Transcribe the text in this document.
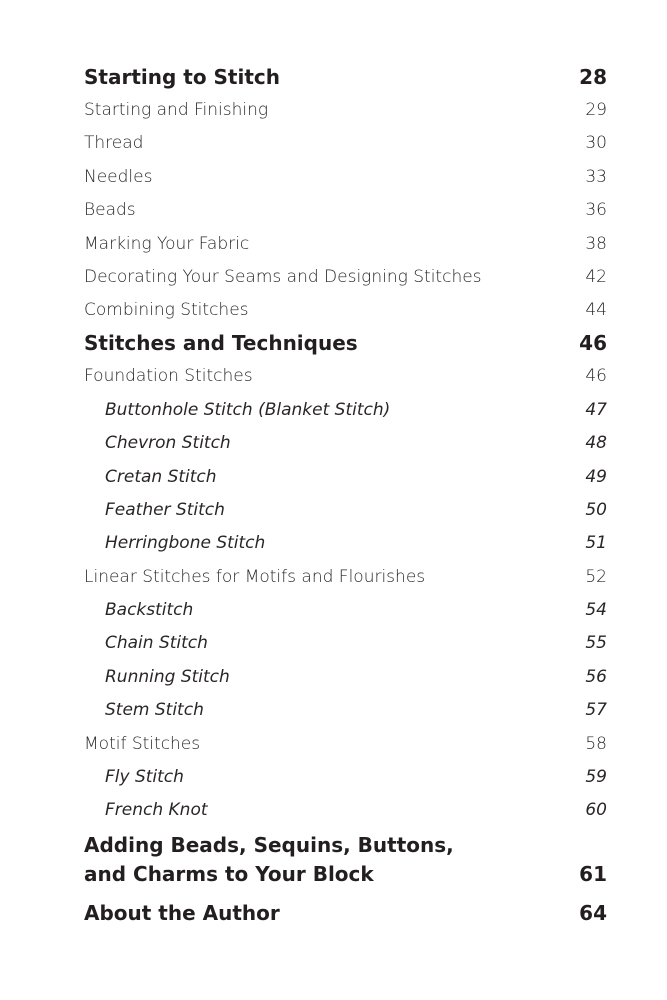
Starting to Stitch	28
Starting and Finishing	29
Thread	30
Needles	33
Beads	36
Marking Your Fabric	38
Decorating Your Seams and Designing Stitches	42
Combining Stitches	44
Stitches and Techniques	46
Foundation Stitches	46
Buttonhole Stitch (Blanket Stitch)	47
Chevron Stitch	48
Cretan Stitch	49
Feather Stitch	50
Herringbone Stitch	51
Linear Stitches for Motifs and Flourishes	52
Backstitch	54
Chain Stitch	55
Running Stitch	56
Stem Stitch	57
Motif Stitches	58
Fly Stitch	59
French Knot	60
Adding Beads, Sequins, Buttons,
and Charms to Your Block	61
About the Author	64
